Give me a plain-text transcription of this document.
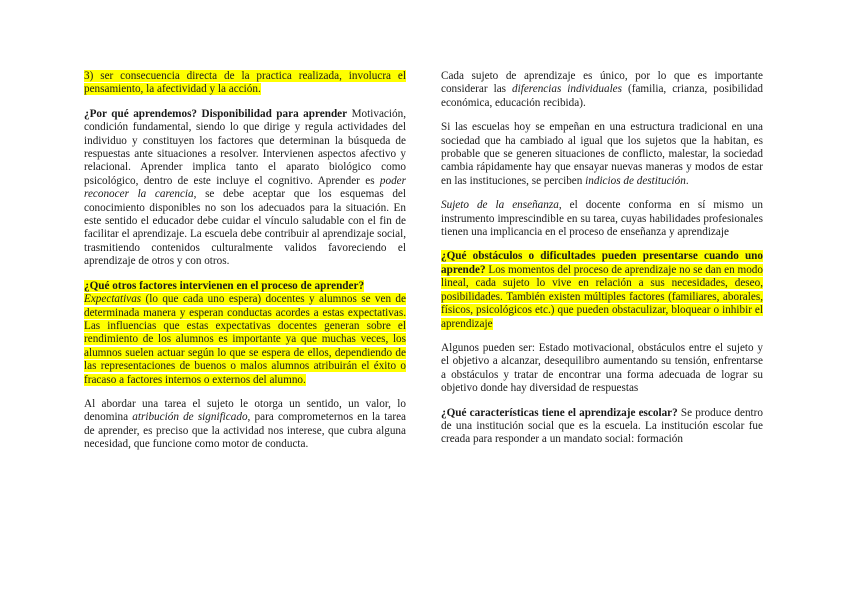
3) ser consecuencia directa de la practica realizada, involucra el pensamiento, la afectividad y la acción.

¿Por qué aprendemos? Disponibilidad para aprender Motivación, condición fundamental, siendo lo que dirige y regula actividades del individuo y constituyen los factores que determinan la búsqueda de respuestas ante situaciones a resolver. Intervienen aspectos afectivo y relacional. Aprender implica tanto el aparato biológico como psicológico, dentro de este incluye el cognitivo. Aprender es poder reconocer la carencia, se debe aceptar que los esquemas del conocimiento disponibles no son los adecuados para la situación. En este sentido el educador debe cuidar el vínculo saludable con el fin de facilitar el aprendizaje. La escuela debe contribuir al aprendizaje social, trasmitiendo contenidos culturalmente validos favoreciendo el aprendizaje de otros y con otros.

¿Qué otros factores intervienen en el proceso de aprender?
Expectativas (lo que cada uno espera) docentes y alumnos se ven de determinada manera y esperan conductas acordes a estas expectativas. Las influencias que estas expectativas docentes generan sobre el rendimiento de los alumnos es importante ya que muchas veces, los alumnos suelen actuar según lo que se espera de ellos, dependiendo de las representaciones de buenos o malos alumnos atribuirán el éxito o fracaso a factores internos o externos del alumno.

Al abordar una tarea el sujeto le otorga un sentido, un valor, lo denomina atribución de significado, para comprometernos en la tarea de aprender, es preciso que la actividad nos interese, que cubra alguna necesidad, que funcione como motor de conducta.

Cada sujeto de aprendizaje es único, por lo que es importante considerar las diferencias individuales (familia, crianza, posibilidad económica, educación recibida).

Si las escuelas hoy se empeñan en una estructura tradicional en una sociedad que ha cambiado al igual que los sujetos que la habitan, es probable que se generen situaciones de conflicto, malestar, la sociedad cambia rápidamente hay que ensayar nuevas maneras y modos de estar en las instituciones, se perciben indicios de destitución.

Sujeto de la enseñanza, el docente conforma en sí mismo un instrumento imprescindible en su tarea, cuyas habilidades profesionales tienen una implicancia en el proceso de enseñanza y aprendizaje

¿Qué obstáculos o dificultades pueden presentarse cuando uno aprende? Los momentos del proceso de aprendizaje no se dan en modo lineal, cada sujeto lo vive en relación a sus necesidades, deseo, posibilidades. También existen múltiples factores (familiares, aborales, físicos, psicológicos etc.) que pueden obstaculizar, bloquear o inhibir el aprendizaje

Algunos pueden ser: Estado motivacional, obstáculos entre el sujeto y el objetivo a alcanzar, desequilibro aumentando su tensión, enfrentarse a obstáculos y tratar de encontrar una forma adecuada de lograr su objetivo donde hay diversidad de respuestas

¿Qué características tiene el aprendizaje escolar? Se produce dentro de una institución social que es la escuela. La institución escolar fue creada para responder a un mandato social: formación
